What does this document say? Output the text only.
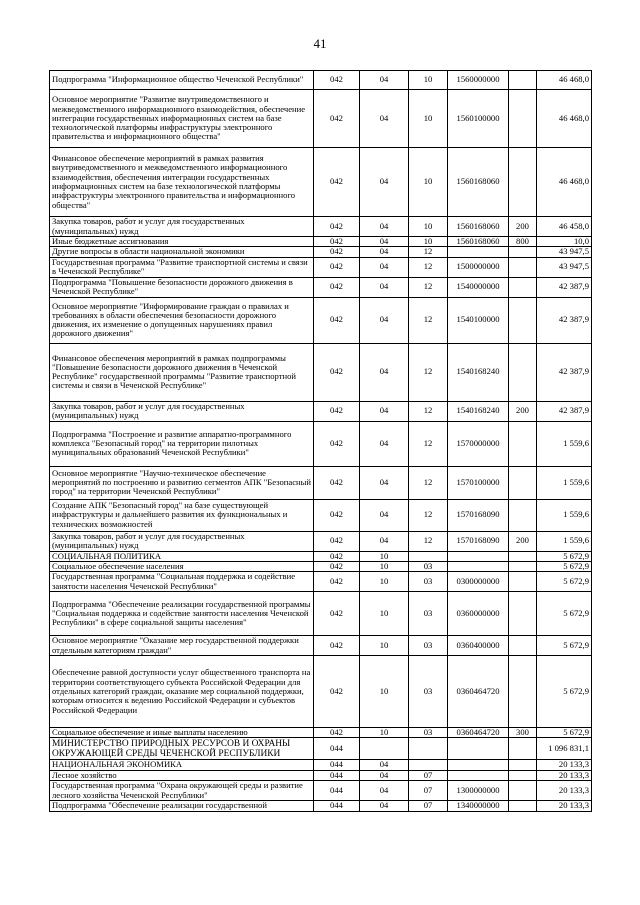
41
Подпрограмма "Информационное общество Чеченской Республики"	042	04	10	1560000000		46 468,0
Основное мероприятие "Развитие внутриведомственного и межведомственного информационного взаимодействия, обеспечение интеграции государственных информационных систем на базе технологической платформы инфраструктуры электронного правительства и информационного общества"	042	04	10	1560100000		46 468,0
Финансовое обеспечение мероприятий в рамках развития внутриведомственного и межведомственного информационного взаимодействия, обеспечения интеграции государственных информационных систем на базе технологической платформы инфраструктуры электронного правительства и информационного общества"	042	04	10	1560168060		46 468,0
Закупка товаров, работ и услуг для государственных (муниципальных) нужд	042	04	10	1560168060	200	46 458,0
Иные бюджетные ассигнования	042	04	10	1560168060	800	10,0
Другие вопросы в области национальной экономики	042	04	12			43 947,5
Государственная программа "Развитие транспортной системы и связи в Чеченской Республике"	042	04	12	1500000000		43 947,5
Подпрограмма "Повышение безопасности дорожного движения в Чеченской Республике"	042	04	12	1540000000		42 387,9
Основное мероприятие "Информирование граждан о правилах и требованиях в области обеспечения безопасности дорожного движения, их изменение о допущенных нарушениях правил дорожного движения"	042	04	12	1540100000		42 387,9
Финансовое обеспечения мероприятий в рамках подпрограммы "Повышение безопасности дорожного движения в Чеченской Республике" государственной программы "Развитие транспортной системы и связи в Чеченской Республике"	042	04	12	1540168240		42 387,9
Закупка товаров, работ и услуг для государственных (муниципальных) нужд	042	04	12	1540168240	200	42 387,9
Подпрограмма "Построение и развитие аппаратно-программного комплекса "Безопасный город" на территории пилотных муниципальных образований Чеченской Республики"	042	04	12	1570000000		1 559,6
Основное мероприятие "Научно-техническое обеспечение мероприятий по построению и развитию сегментов АПК "Безопасный город" на территории Чеченской Республики"	042	04	12	1570100000		1 559,6
Создание АПК "Безопасный город" на базе существующей инфраструктуры и дальнейшего развития их функциональных и технических возможностей	042	04	12	1570168090		1 559,6
Закупка товаров, работ и услуг для государственных (муниципальных) нужд	042	04	12	1570168090	200	1 559,6
СОЦИАЛЬНАЯ ПОЛИТИКА	042	10				5 672,9
Социальное обеспечение населения	042	10	03			5 672,9
Государственная программа "Социальная поддержка и содействие занятости населения Чеченской Республики"	042	10	03	0300000000		5 672,9
Подпрограмма "Обеспечение реализации государственной программы "Социальная поддержка и содействие занятости населения Чеченской Республики" в сфере социальной защиты населения"	042	10	03	0360000000		5 672,9
Основное мероприятие "Оказание мер государственной поддержки отдельным категориям граждан"	042	10	03	0360400000		5 672,9
Обеспечение равной доступности услуг общественного транспорта на территории соответствующего субъекта Российской Федерации для отдельных категорий граждан, оказание мер социальной поддержки, которым относится к ведению Российской Федерации и субъектов Российской Федерации	042	10	03	0360464720		5 672,9
Социальное обеспечение и иные выплаты населению	042	10	03	0360464720	300	5 672,9
МИНИСТЕРСТВО ПРИРОДНЫХ РЕСУРСОВ И ОХРАНЫ ОКРУЖАЮЩЕЙ СРЕДЫ ЧЕЧЕНСКОЙ РЕСПУБЛИКИ	044					1 096 831,1
НАЦИОНАЛЬНАЯ ЭКОНОМИКА	044	04				20 133,3
Лесное хозяйство	044	04	07			20 133,3
Государственная программа "Охрана окружающей среды и развитие лесного хозяйства Чеченской Республики"	044	04	07	1300000000		20 133,3
Подпрограмма "Обеспечение реализации государственной	044	04	07	1340000000		20 133,3
